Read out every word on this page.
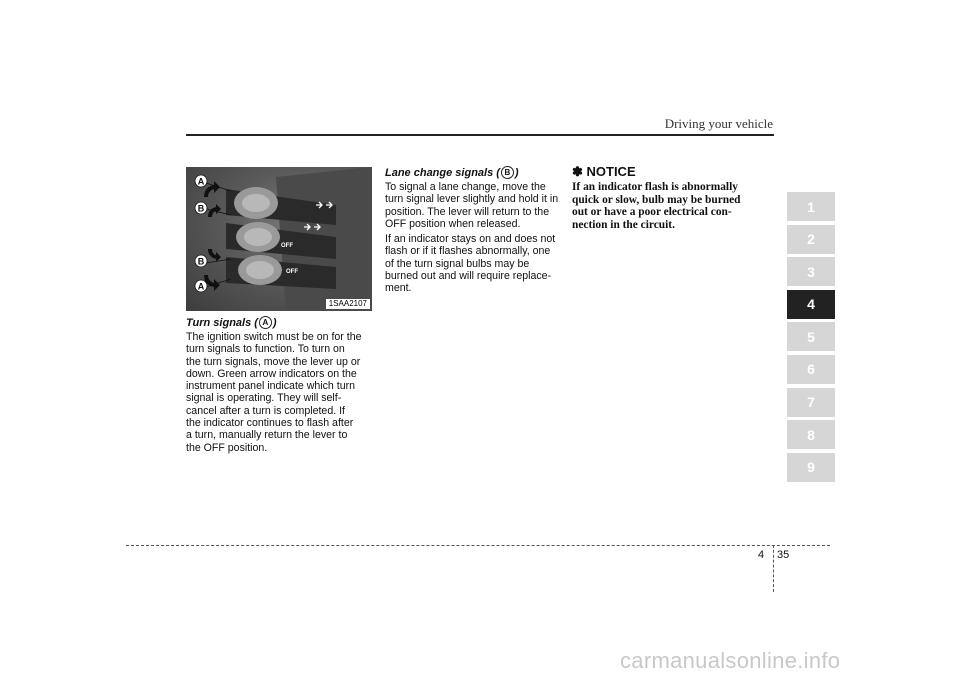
Driving your vehicle
A
B
B
A
OFF
OFF
1SAA2107
Turn signals ( A )
The ignition switch must be on for the
turn signals to function. To turn on
the turn signals, move the lever up or
down. Green arrow indicators on the
instrument panel indicate which turn
signal is operating. They will self-
cancel after a turn is completed. If
the indicator continues to flash after
a turn, manually return the lever to
the OFF position.
Lane change signals ( B )
To signal a lane change, move the
turn signal lever slightly and hold it in
position. The lever will return to the
OFF position when released.
If an indicator stays on and does not
flash or if it flashes abnormally, one
of the turn signal bulbs may be
burned out and will require replace-
ment.
✽ NOTICE
If an indicator flash is abnormally
quick or slow, bulb may be burned
out or have a poor electrical con-
nection in the circuit.
1
2
3
4
5
6
7
8
9
4 35
carmanualsonline.info
